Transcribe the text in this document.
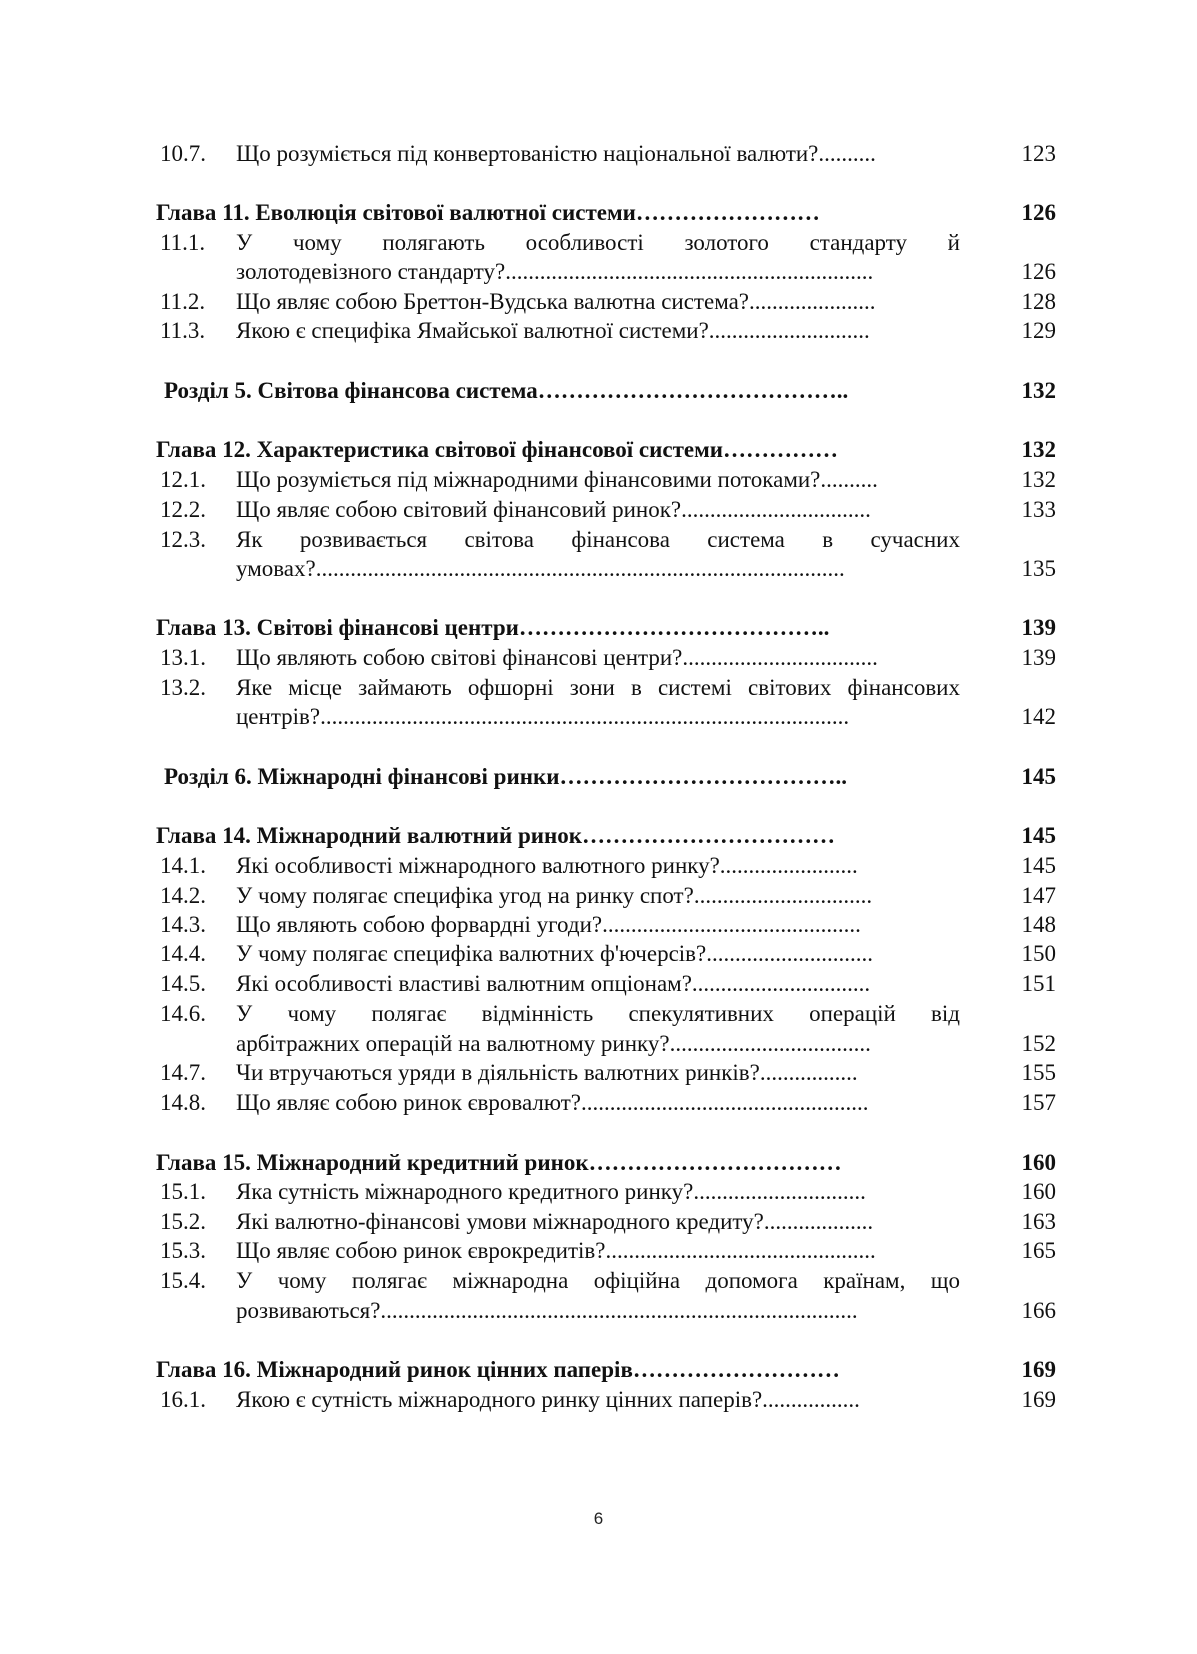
10.7. Що розуміється під конвертованістю національної валюти?..........	123
Глава 11. Еволюція світової валютної системи……………………	126
11.1. У чому полягають особливості золотого стандарту й
золотодевізного стандарту?................................................................	126
11.2. Що являє собою Бреттон-Вудська валютна система?......................	128
11.3. Якою є специфіка Ямайської валютної системи?............................	129
Розділ 5. Світова фінансова система…………………………………..	132
Глава 12. Характеристика світової фінансової системи……………	132
12.1. Що розуміється під міжнародними фінансовими потоками?..........	132
12.2. Що являє собою світовий фінансовий ринок?.................................	133
12.3. Як розвивається світова фінансова система в сучасних
умовах?............................................................................................	135
Глава 13. Світові фінансові центри…………………………………..	139
13.1. Що являють собою світові фінансові центри?..................................	139
13.2. Яке місце займають офшорні зони в системі світових фінансових
центрів?............................................................................................	142
Розділ 6. Міжнародні фінансові ринки………………………………..	145
Глава 14. Міжнародний валютний ринок……………………………	145
14.1. Які особливості міжнародного валютного ринку?........................	145
14.2. У чому полягає специфіка угод на ринку спот?...............................	147
14.3. Що являють собою форвардні угоди?.............................................	148
14.4. У чому полягає специфіка валютних ф'ючерсів?.............................	150
14.5. Які особливості властиві валютним опціонам?...............................	151
14.6. У чому полягає відмінність спекулятивних операцій від
арбітражних операцій на валютному ринку?...................................	152
14.7. Чи втручаються уряди в діяльність валютних ринків?.................	155
14.8. Що являє собою ринок євровалют?..................................................	157
Глава 15. Міжнародний кредитний ринок……………………………	160
15.1. Яка сутність міжнародного кредитного ринку?..............................	160
15.2. Які валютно-фінансові умови міжнародного кредиту?...................	163
15.3. Що являє собою ринок єврокредитів?...............................................	165
15.4. У чому полягає міжнародна офіційна допомога країнам, що
розвиваються?...................................................................................	166
Глава 16. Міжнародний ринок цінних паперів………………………	169
16.1. Якою є сутність міжнародного ринку цінних паперів?.................	169
6
